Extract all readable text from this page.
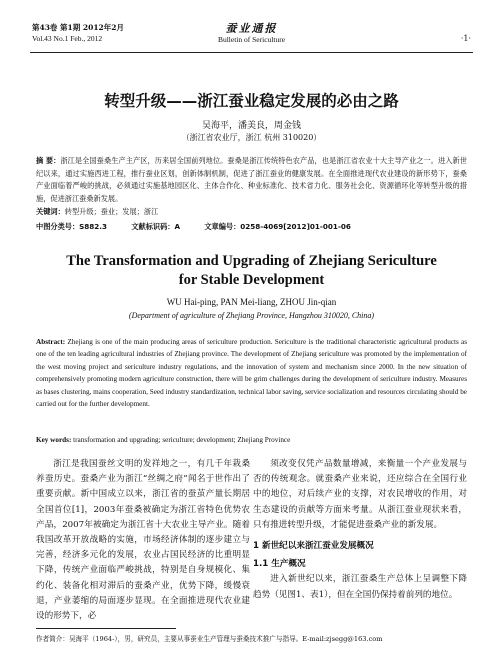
第43卷 第1期 2012年2月
Vol.43 No.1 Feb., 2012
蚕业通报
Bulletin of Sericulture	·1·
转型升级——浙江蚕业稳定发展的必由之路
吴海平，潘美良，周金钱
（浙江省农业厅，浙江 杭州 310020）
摘 要：浙江是全国蚕桑生产主产区，历来居全国前列地位。蚕桑是浙江传统特色农产品，也是浙江省农业十大主导产业之一。进入新世纪以来，通过实施西进工程，推行蚕业区划，创新体制机制，促进了浙江蚕业的健康发展。在全面推进现代农业建设的新形势下，蚕桑产业面临着严峻的挑战，必须通过实施基地园区化、主体合作化、种业标准化、技术省力化、服务社会化、资源循环化等转型升级的措施，促进浙江蚕桑新发展。
关键词：转型升级；蚕业；发展；浙江
中图分类号：S882.3	文献标识码：A	文章编号：0258-4069[2012]01-001-06
The Transformation and Upgrading of Zhejiang Sericulture
for Stable Development
WU Hai-ping, PAN Mei-liang, ZHOU Jin-qian
(Department of agriculture of Zhejiang Province, Hangzhou 310020, China)
Abstract: Zhejiang is one of the main producing areas of sericulture production. Sericulture is the traditional characteristic agricultural products as one of the ten leading agricultural industries of Zhejiang province. The development of Zhejiang sericulture was promoted by the implementation of the west moving project and sericulture industry regulations, and the innovation of system and mechanism since 2000. In the new situation of comprehensively promoting modern agriculture construction, there will be grim challenges during the development of sericulture industry. Measures as bases clustering, mains cooperation, Seed industry standardization, technical labor saving, service socialization and resources circulating should be carried out for the further development.
Key words: transformation and upgrading; sericulture; development; Zhejiang Province

浙江是我国蚕丝文明的发祥地之一，有几千年栽桑养蚕历史。蚕桑产业为浙江“丝绸之府”闻名于世作出了重要贡献。新中国成立以来，浙江省的蚕茧产量长期居全国首位[1]，2003年蚕桑被确定为浙江省特色优势农产品，2007年被确定为浙江省十大农业主导产业。随着我国改革开放战略的实施，市场经济体制的逐步建立与完善，经济多元化的发展，农业占国民经济的比重明显下降，传统产业面临严峻挑战，特别是自身规模化、集约化、装备化相对滞后的蚕桑产业，优势下降，缓慢衰退，产业萎缩的局面逐步显现。在全面推进现代农业建设的形势下，必

须改变仅凭产品数量增减，来衡量一个产业发展与否的传统观念。就蚕桑产业来说，还应综合在全国行业中的地位，对后续产业的支撑，对农民增收的作用，对生态建设的贡献等方面来考量。从浙江蚕业现状来看，只有推进转型升级，才能促进蚕桑产业的新发展。

1 新世纪以来浙江蚕业发展概况
1.1 生产概况

进入新世纪以来，浙江蚕桑生产总体上呈调整下降趋势（见图1、表1），但在全国仍保持着前列的地位。

作者简介：吴海平（1964-），男，研究员，主要从事蚕业生产管理与蚕桑技术推广与指导。E-mail:zjsegg@163.com
